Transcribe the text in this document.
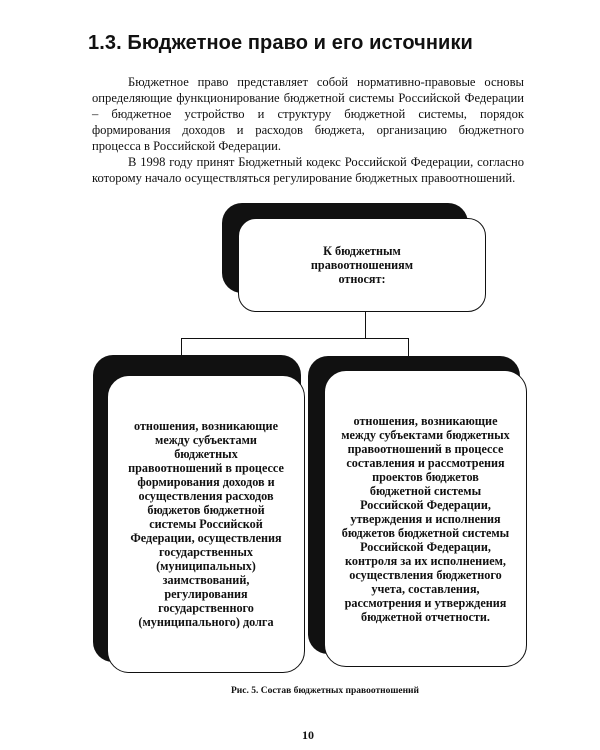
1.3. Бюджетное право и его источники

Бюджетное право представляет собой нормативно-правовые основы определяющие функционирование бюджетной системы Российской Федерации – бюджетное устройство и структуру бюджетной системы, порядок формирования доходов и расходов бюджета, организацию бюджетного процесса в Российской Федерации.

В 1998 году принят Бюджетный кодекс Российской Федерации, согласно которому начало осуществляться регулирование бюджетных правоотношений.

К бюджетным правоотношениям относят:
отношения, возникающие между субъектами бюджетных правоотношений в процессе формирования доходов и осуществления расходов бюджетов бюджетной системы Российской Федерации, осуществления государственных (муниципальных) заимствований, регулирования государственного (муниципального) долга
отношения, возникающие между субъектами бюджетных правоотношений в процессе составления и рассмотрения проектов бюджетов бюджетной системы Российской Федерации, утверждения и исполнения бюджетов бюджетной системы Российской Федерации, контроля за их исполнением, осуществления бюджетного учета, составления, рассмотрения и утверждения бюджетной отчетности.
Рис. 5. Состав бюджетных правоотношений
10
